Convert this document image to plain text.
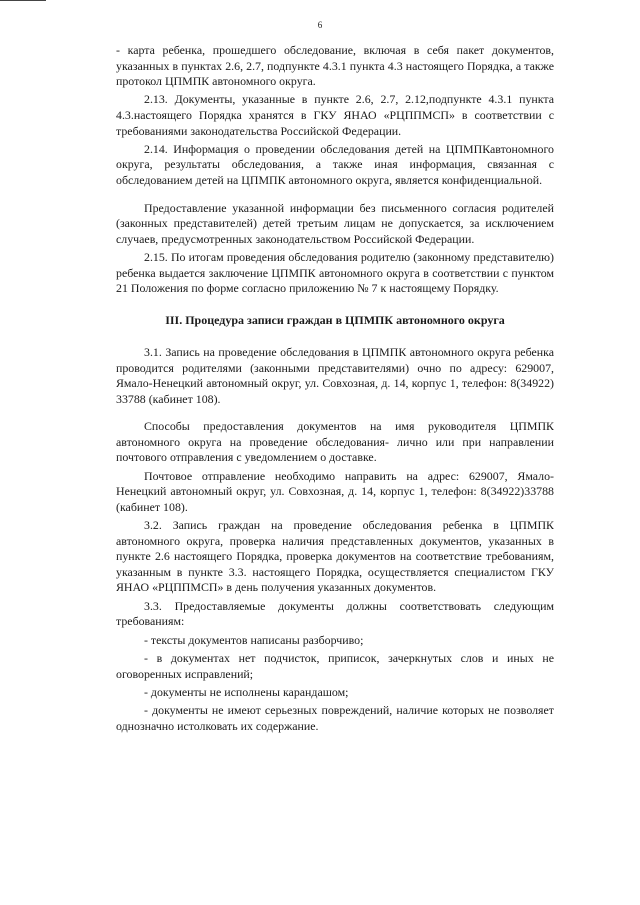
6

- карта ребенка, прошедшего обследование, включая в себя пакет документов, указанных в пунктах 2.6, 2.7, подпункте 4.3.1 пункта 4.3 настоящего Порядка, а также протокол ЦПМПК автономного округа.

2.13. Документы, указанные в пункте 2.6, 2.7, 2.12,подпункте 4.3.1 пункта 4.3.настоящего Порядка хранятся в ГКУ ЯНАО «РЦППМСП» в соответствии с требованиями законодательства Российской Федерации.

2.14. Информация о проведении обследования детей на ЦПМПКавтономного округа, результаты обследования, а также иная информация, связанная с обследованием детей на ЦПМПК автономного округа, является конфиденциальной.

Предоставление указанной информации без письменного согласия родителей (законных представителей) детей третьим лицам не допускается, за исключением случаев, предусмотренных законодательством Российской Федерации.

2.15. По итогам проведения обследования родителю (законному представителю) ребенка выдается заключение ЦПМПК автономного округа в соответствии с пунктом 21 Положения по форме согласно приложению № 7 к настоящему Порядку.

III. Процедура записи граждан в ЦПМПК автономного округа

3.1. Запись на проведение обследования в ЦПМПК автономного округа ребенка проводится родителями (законными представителями) очно по адресу: 629007, Ямало-Ненецкий автономный округ, ул. Совхозная, д. 14, корпус 1, телефон: 8(34922) 33788 (кабинет 108).

Способы предоставления документов на имя руководителя ЦПМПК автономного округа на проведение обследования- лично или при направлении почтового отправления с уведомлением о доставке.

Почтовое отправление необходимо направить на адрес: 629007, Ямало-Ненецкий автономный округ, ул. Совхозная, д. 14, корпус 1, телефон: 8(34922)33788 (кабинет 108).

3.2. Запись граждан на проведение обследования ребенка в ЦПМПК автономного округа, проверка наличия представленных документов, указанных в пункте 2.6 настоящего Порядка, проверка документов на соответствие требованиям, указанным в пункте 3.3. настоящего Порядка, осуществляется специалистом ГКУ ЯНАО «РЦППМСП» в день получения указанных документов.

3.3. Предоставляемые документы должны соответствовать следующим требованиям:

- тексты документов написаны разборчиво;

- в документах нет подчисток, приписок, зачеркнутых слов и иных не оговоренных исправлений;

- документы не исполнены карандашом;

- документы не имеют серьезных повреждений, наличие которых не позволяет однозначно истолковать их содержание.
